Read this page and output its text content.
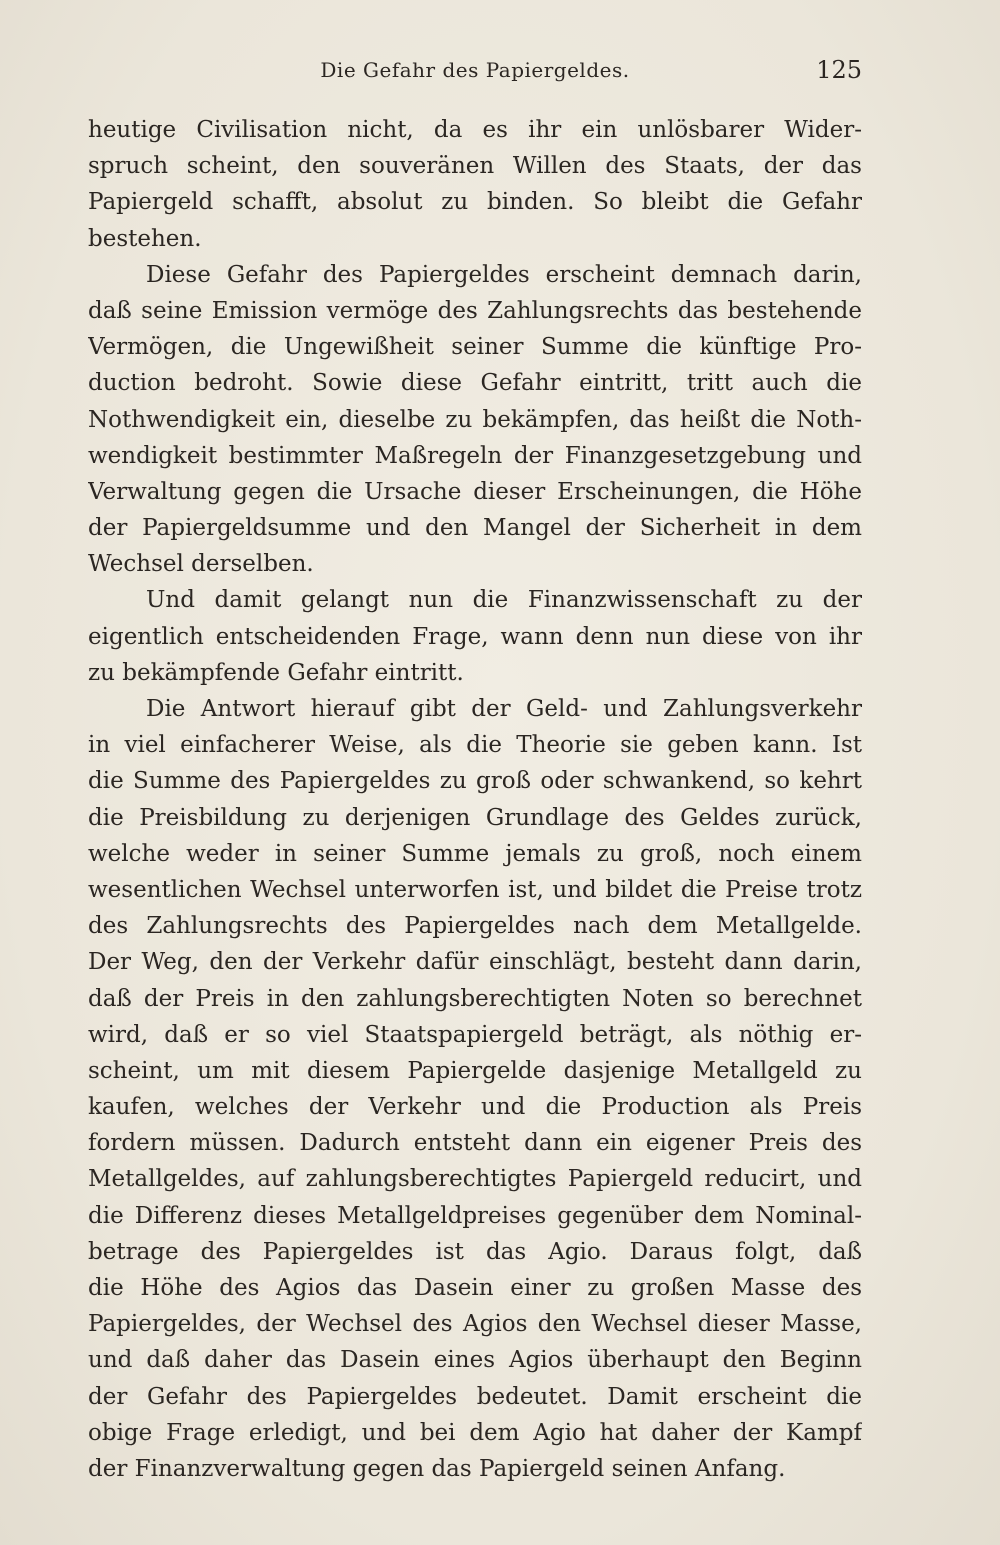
Die Gefahr des Papiergeldes.	125
heutige Civilisation nicht, da es ihr ein unlösbarer Wider-
spruch scheint, den souveränen Willen des Staats, der das
Papiergeld schafft, absolut zu binden. So bleibt die Gefahr
bestehen.
Diese Gefahr des Papiergeldes erscheint demnach darin,
daß seine Emission vermöge des Zahlungsrechts das bestehende
Vermögen, die Ungewißheit seiner Summe die künftige Pro-
duction bedroht. Sowie diese Gefahr eintritt, tritt auch die
Nothwendigkeit ein, dieselbe zu bekämpfen, das heißt die Noth-
wendigkeit bestimmter Maßregeln der Finanzgesetzgebung und
Verwaltung gegen die Ursache dieser Erscheinungen, die Höhe
der Papiergeldsumme und den Mangel der Sicherheit in dem
Wechsel derselben.
Und damit gelangt nun die Finanzwissenschaft zu der
eigentlich entscheidenden Frage, wann denn nun diese von ihr
zu bekämpfende Gefahr eintritt.
Die Antwort hierauf gibt der Geld- und Zahlungsverkehr
in viel einfacherer Weise, als die Theorie sie geben kann. Ist
die Summe des Papiergeldes zu groß oder schwankend, so kehrt
die Preisbildung zu derjenigen Grundlage des Geldes zurück,
welche weder in seiner Summe jemals zu groß, noch einem
wesentlichen Wechsel unterworfen ist, und bildet die Preise trotz
des Zahlungsrechts des Papiergeldes nach dem Metallgelde.
Der Weg, den der Verkehr dafür einschlägt, besteht dann darin,
daß der Preis in den zahlungsberechtigten Noten so berechnet
wird, daß er so viel Staatspapiergeld beträgt, als nöthig er-
scheint, um mit diesem Papiergelde dasjenige Metallgeld zu
kaufen, welches der Verkehr und die Production als Preis
fordern müssen. Dadurch entsteht dann ein eigener Preis des
Metallgeldes, auf zahlungsberechtigtes Papiergeld reducirt, und
die Differenz dieses Metallgeldpreises gegenüber dem Nominal-
betrage des Papiergeldes ist das Agio. Daraus folgt, daß
die Höhe des Agios das Dasein einer zu großen Masse des
Papiergeldes, der Wechsel des Agios den Wechsel dieser Masse,
und daß daher das Dasein eines Agios überhaupt den Beginn
der Gefahr des Papiergeldes bedeutet. Damit erscheint die
obige Frage erledigt, und bei dem Agio hat daher der Kampf
der Finanzverwaltung gegen das Papiergeld seinen Anfang.
